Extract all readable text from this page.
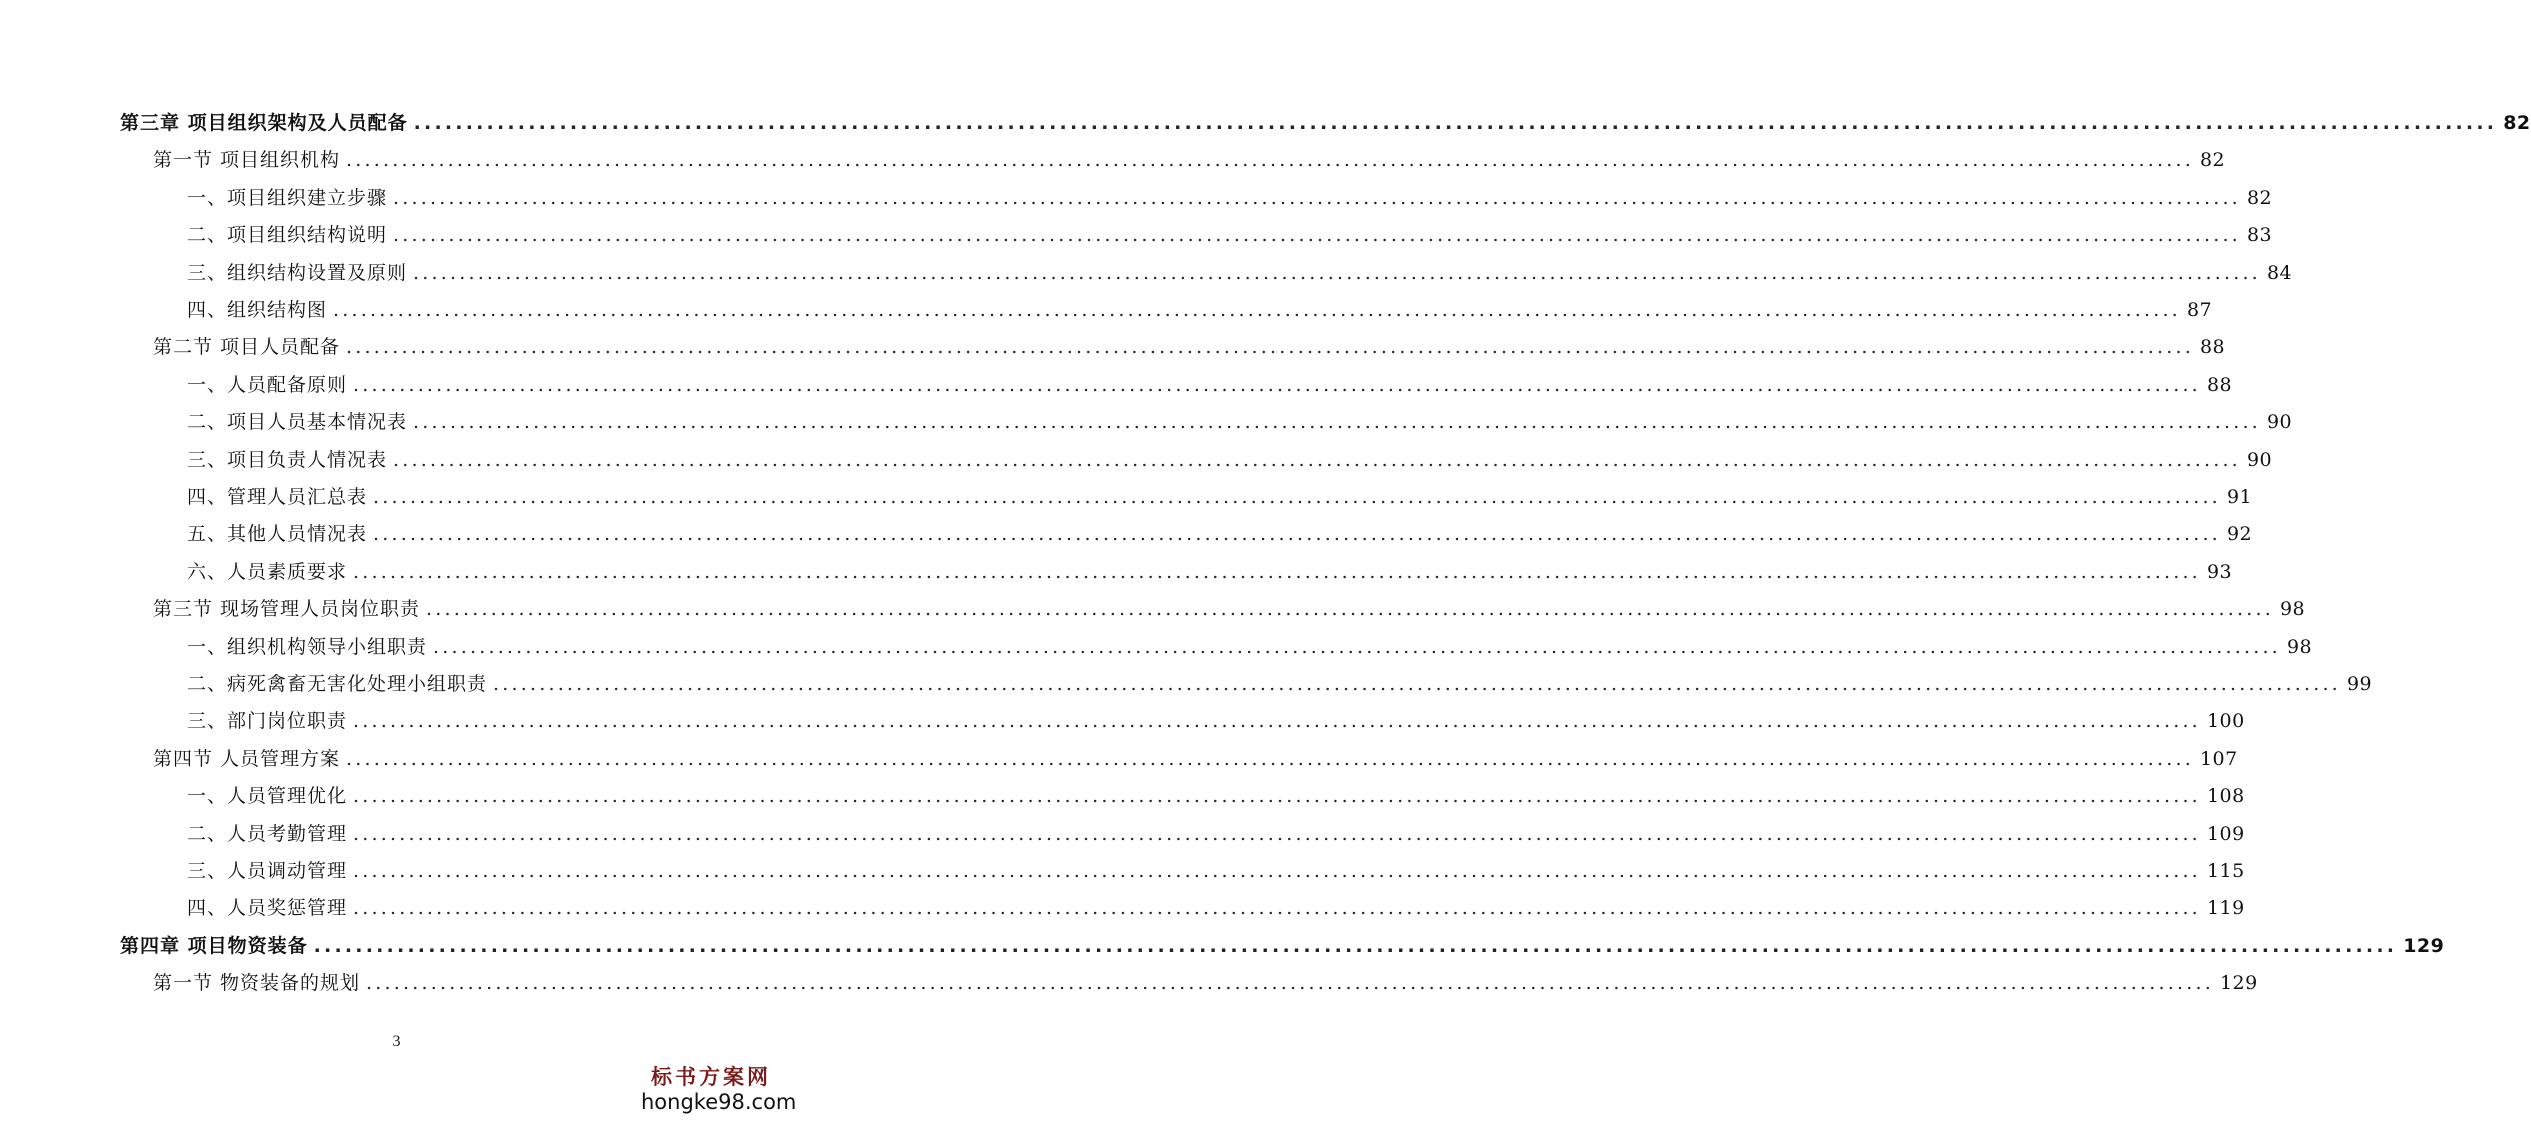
第三章 项目组织架构及人员配备 ........................................................................................................................................................................................................ 82
第一节 项目组织机构 ........................................................................................................................................................................................................ 82
一、项目组织建立步骤 ........................................................................................................................................................................................................ 82
二、项目组织结构说明 ........................................................................................................................................................................................................ 83
三、组织结构设置及原则 ........................................................................................................................................................................................................ 84
四、组织结构图 ........................................................................................................................................................................................................ 87
第二节 项目人员配备 ........................................................................................................................................................................................................ 88
一、人员配备原则 ........................................................................................................................................................................................................ 88
二、项目人员基本情况表 ........................................................................................................................................................................................................ 90
三、项目负责人情况表 ........................................................................................................................................................................................................ 90
四、管理人员汇总表 ........................................................................................................................................................................................................ 91
五、其他人员情况表 ........................................................................................................................................................................................................ 92
六、人员素质要求 ........................................................................................................................................................................................................ 93
第三节 现场管理人员岗位职责 ........................................................................................................................................................................................................ 98
一、组织机构领导小组职责 ........................................................................................................................................................................................................ 98
二、病死禽畜无害化处理小组职责 ........................................................................................................................................................................................................ 99
三、部门岗位职责 ........................................................................................................................................................................................................ 100
第四节 人员管理方案 ........................................................................................................................................................................................................ 107
一、人员管理优化 ........................................................................................................................................................................................................ 108
二、人员考勤管理 ........................................................................................................................................................................................................ 109
三、人员调动管理 ........................................................................................................................................................................................................ 115
四、人员奖惩管理 ........................................................................................................................................................................................................ 119
第四章 项目物资装备 ........................................................................................................................................................................................................ 129
第一节 物资装备的规划 ........................................................................................................................................................................................................ 129
3
标书方案网
hongke98.com
